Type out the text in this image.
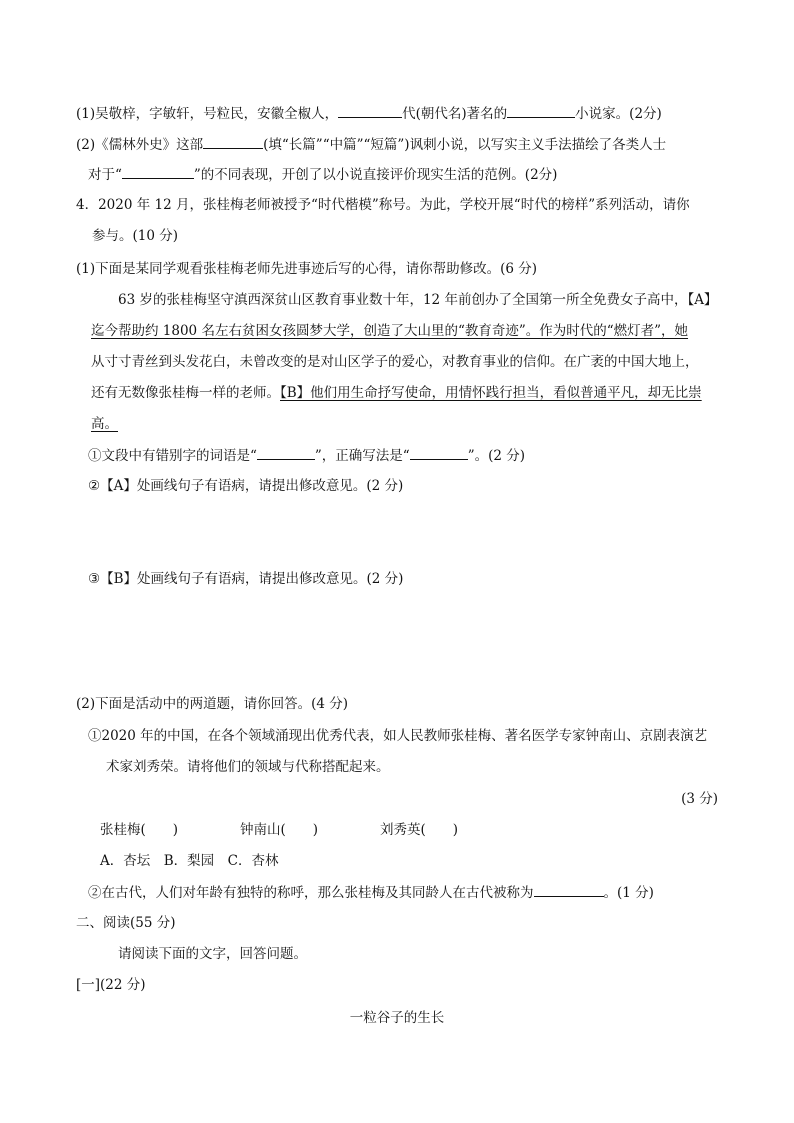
(1)吴敬梓，字敏轩，号粒民，安徽全椒人，	代(朝代名)著名的	小说家。(2分)
(2)《儒林外史》这部	(填“长篇”“中篇”“短篇”)讽刺小说，以写实主义手法描绘了各类人士
对于“	”的不同表现，开创了以小说直接评价现实生活的范例。(2分)
4．2020 年 12 月，张桂梅老师被授予“时代楷模”称号。为此，学校开展“时代的榜样”系列活动，请你
参与。(10 分)
(1)下面是某同学观看张桂梅老师先进事迹后写的心得，请你帮助修改。(6 分)
63 岁的张桂梅坚守滇西深贫山区教育事业数十年，12 年前创办了全国第一所全免费女子高中，【A】
迄今帮助约 1800 名左右贫困女孩圆梦大学，创造了大山里的“教育奇迹”。作为时代的“燃灯者”，她
从寸寸青丝到头发花白，未曾改变的是对山区学子的爱心，对教育事业的信仰。在广袤的中国大地上，
还有无数像张桂梅一样的老师。【B】他们用生命抒写使命，用情怀践行担当，看似普通平凡，却无比崇
高。
①文段中有错别字的词语是“	”，正确写法是“	”。(2 分)
②【A】处画线句子有语病，请提出修改意见。(2 分)
③【B】处画线句子有语病，请提出修改意见。(2 分)
(2)下面是活动中的两道题，请你回答。(4 分)
①2020 年的中国，在各个领域涌现出优秀代表，如人民教师张桂梅、著名医学专家钟南山、京剧表演艺
术家刘秀荣。请将他们的领域与代称搭配起来。
(3 分)
张桂梅(　　)	钟南山(　　)	刘秀英(　　)
A．杏坛　B．梨园　C．杏林
②在古代，人们对年龄有独特的称呼，那么张桂梅及其同龄人在古代被称为	。(1 分)
二、阅读(55 分)
请阅读下面的文字，回答问题。
[一](22 分)
一粒谷子的生长
